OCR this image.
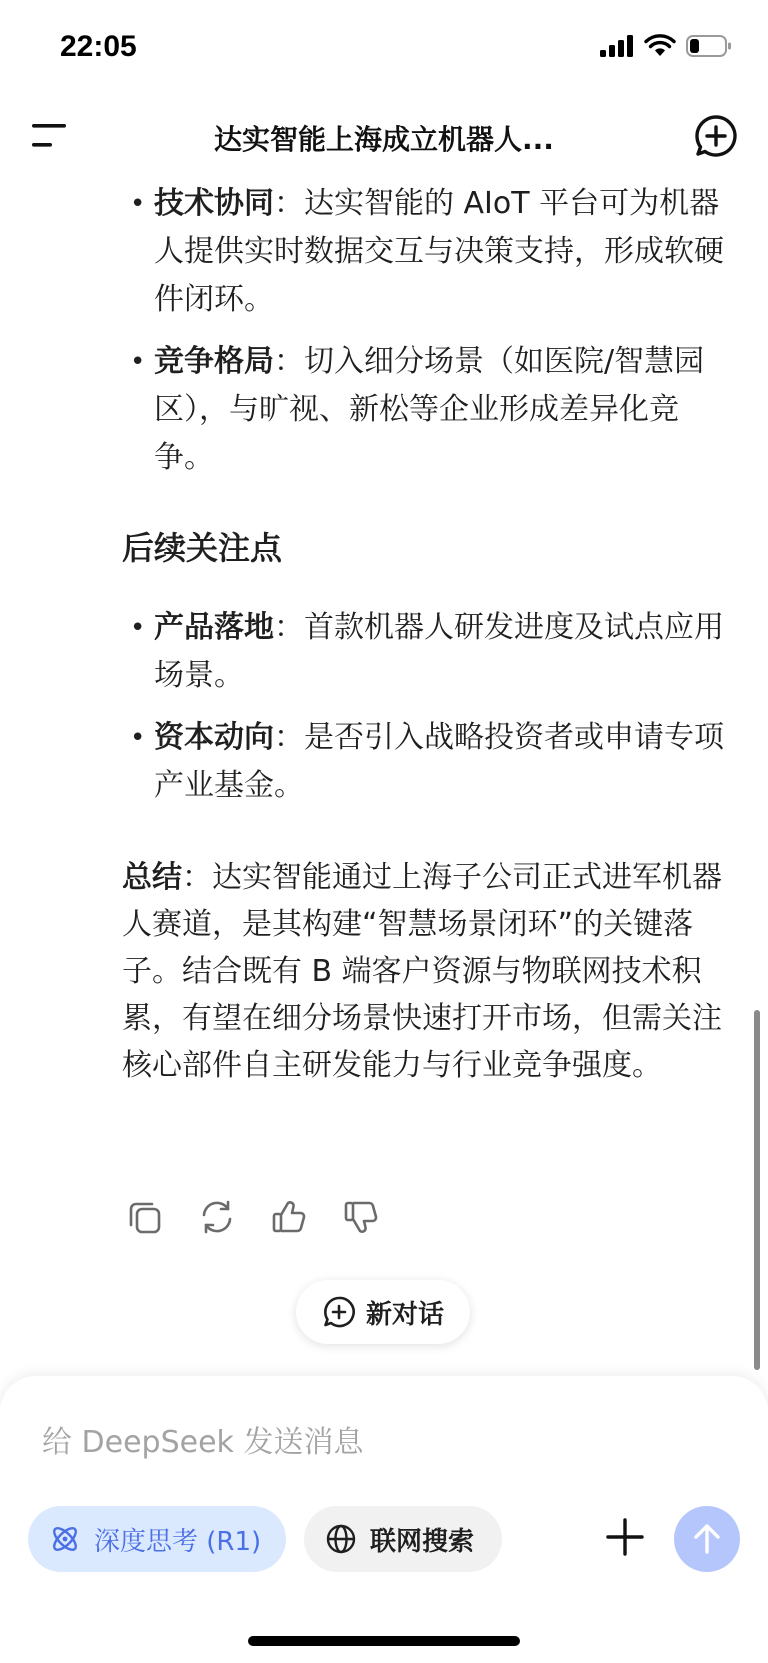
22:05
达实智能上海成立机器人...
• 技术协同：达实智能的 AIoT 平台可为机器人提供实时数据交互与决策支持，形成软硬件闭环。
• 竞争格局：切入细分场景（如医院/智慧园区），与旷视、新松等企业形成差异化竞争。
后续关注点
• 产品落地：首款机器人研发进度及试点应用场景。
• 资本动向：是否引入战略投资者或申请专项产业基金。
总结：达实智能通过上海子公司正式进军机器人赛道，是其构建“智慧场景闭环”的关键落子。结合既有 B 端客户资源与物联网技术积累，有望在细分场景快速打开市场，但需关注核心部件自主研发能力与行业竞争强度。
新对话
给 DeepSeek 发送消息
深度思考 (R1)	联网搜索
